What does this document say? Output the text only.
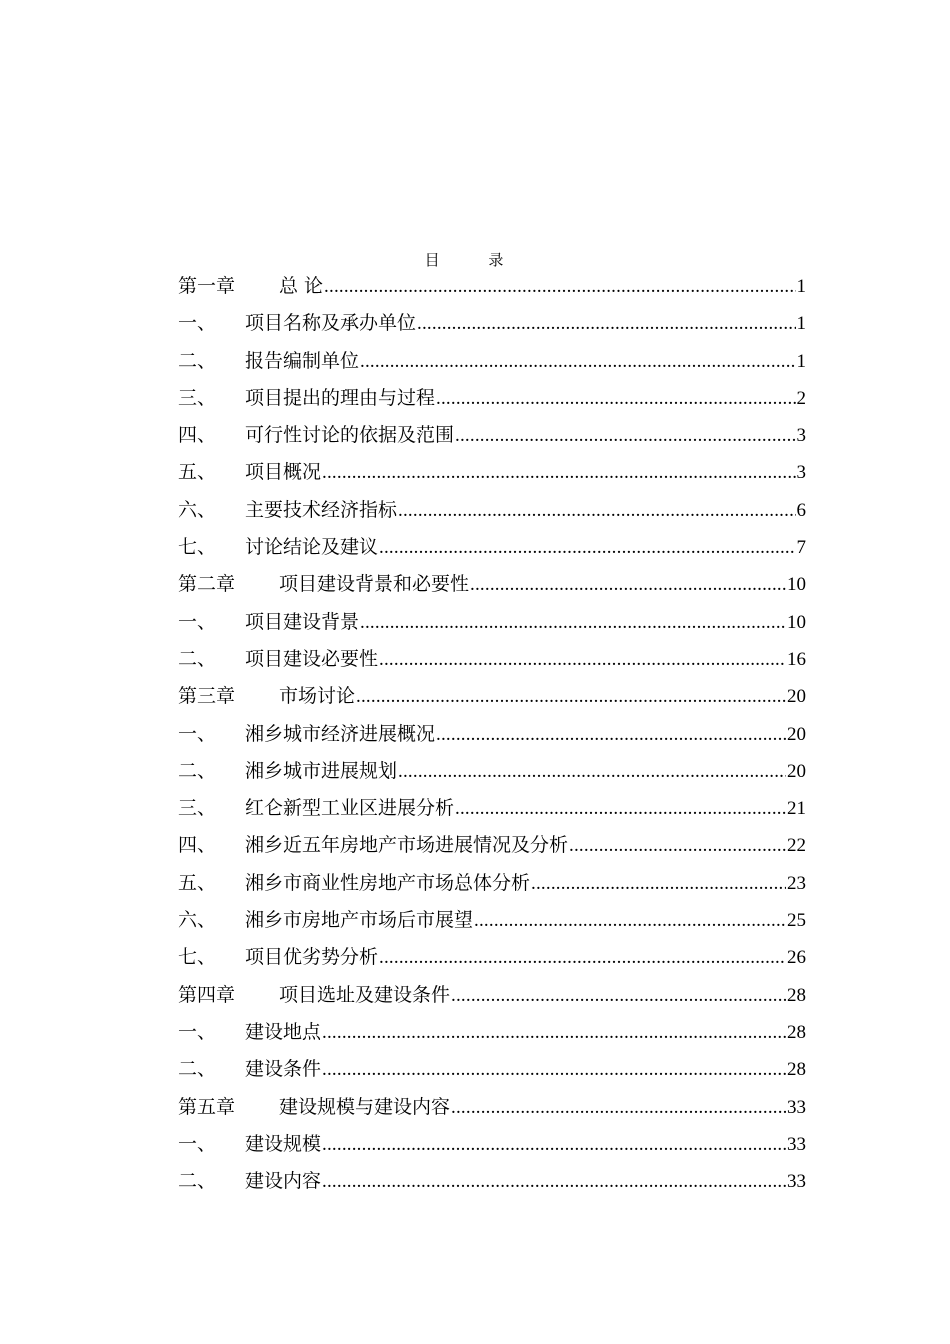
目 录
第一章	总 论 .....	1
一、	项目名称及承办单位 .....	1
二、	报告编制单位 .....	1
三、	项目提出的理由与过程 .....	2
四、	可行性讨论的依据及范围 .....	3
五、	项目概况 .....	3
六、	主要技术经济指标 .....	6
七、	讨论结论及建议 .....	7
第二章	项目建设背景和必要性 .....	10
一、	项目建设背景 .....	10
二、	项目建设必要性 .....	16
第三章	市场讨论 .....	20
一、	湘乡城市经济进展概况 .....	20
二、	湘乡城市进展规划 .....	20
三、	红仑新型工业区进展分析 .....	21
四、	湘乡近五年房地产市场进展情况及分析 .....	22
五、	湘乡市商业性房地产市场总体分析 .....	23
六、	湘乡市房地产市场后市展望 .....	25
七、	项目优劣势分析 .....	26
第四章	项目选址及建设条件 .....	28
一、	建设地点 .....	28
二、	建设条件 .....	28
第五章	建设规模与建设内容 .....	33
一、	建设规模 .....	33
二、	建设内容 .....	33
